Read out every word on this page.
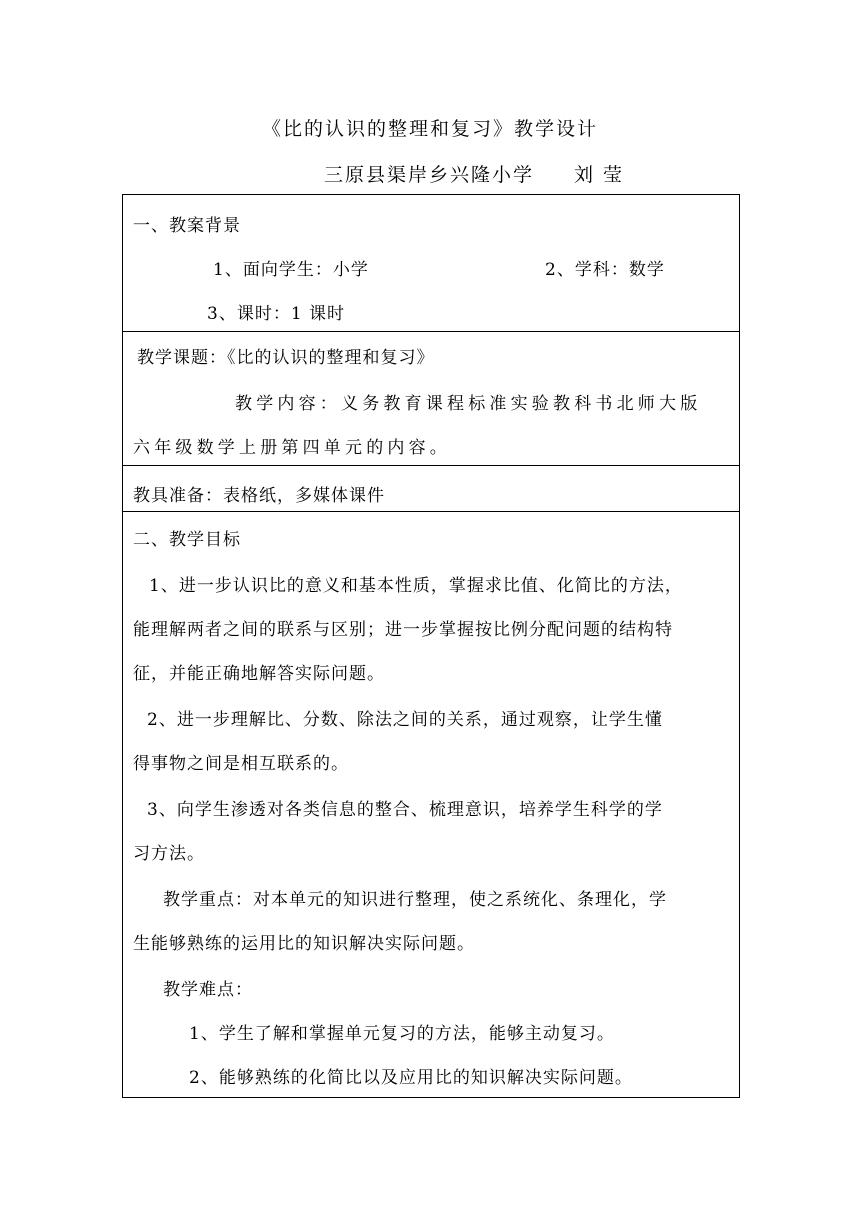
《比的认识的整理和复习》教学设计
三原县渠岸乡兴隆小学 刘 莹
一、教案背景
1、面向学生：小学	2、学科：数学
3、课时：1 课时
教学课题：《比的认识的整理和复习》
教学内容：义务教育课程标准实验教科书北师大版
六年级数学上册第四单元的内容。
教具准备：表格纸，多媒体课件
二、教学目标
1、进一步认识比的意义和基本性质，掌握求比值、化简比的方法，
能理解两者之间的联系与区别；进一步掌握按比例分配问题的结构特
征，并能正确地解答实际问题。
2、进一步理解比、分数、除法之间的关系，通过观察，让学生懂
得事物之间是相互联系的。
3、向学生渗透对各类信息的整合、梳理意识，培养学生科学的学
习方法。
教学重点：对本单元的知识进行整理，使之系统化、条理化，学
生能够熟练的运用比的知识解决实际问题。
教学难点：
1、学生了解和掌握单元复习的方法，能够主动复习。
2、能够熟练的化简比以及应用比的知识解决实际问题。
